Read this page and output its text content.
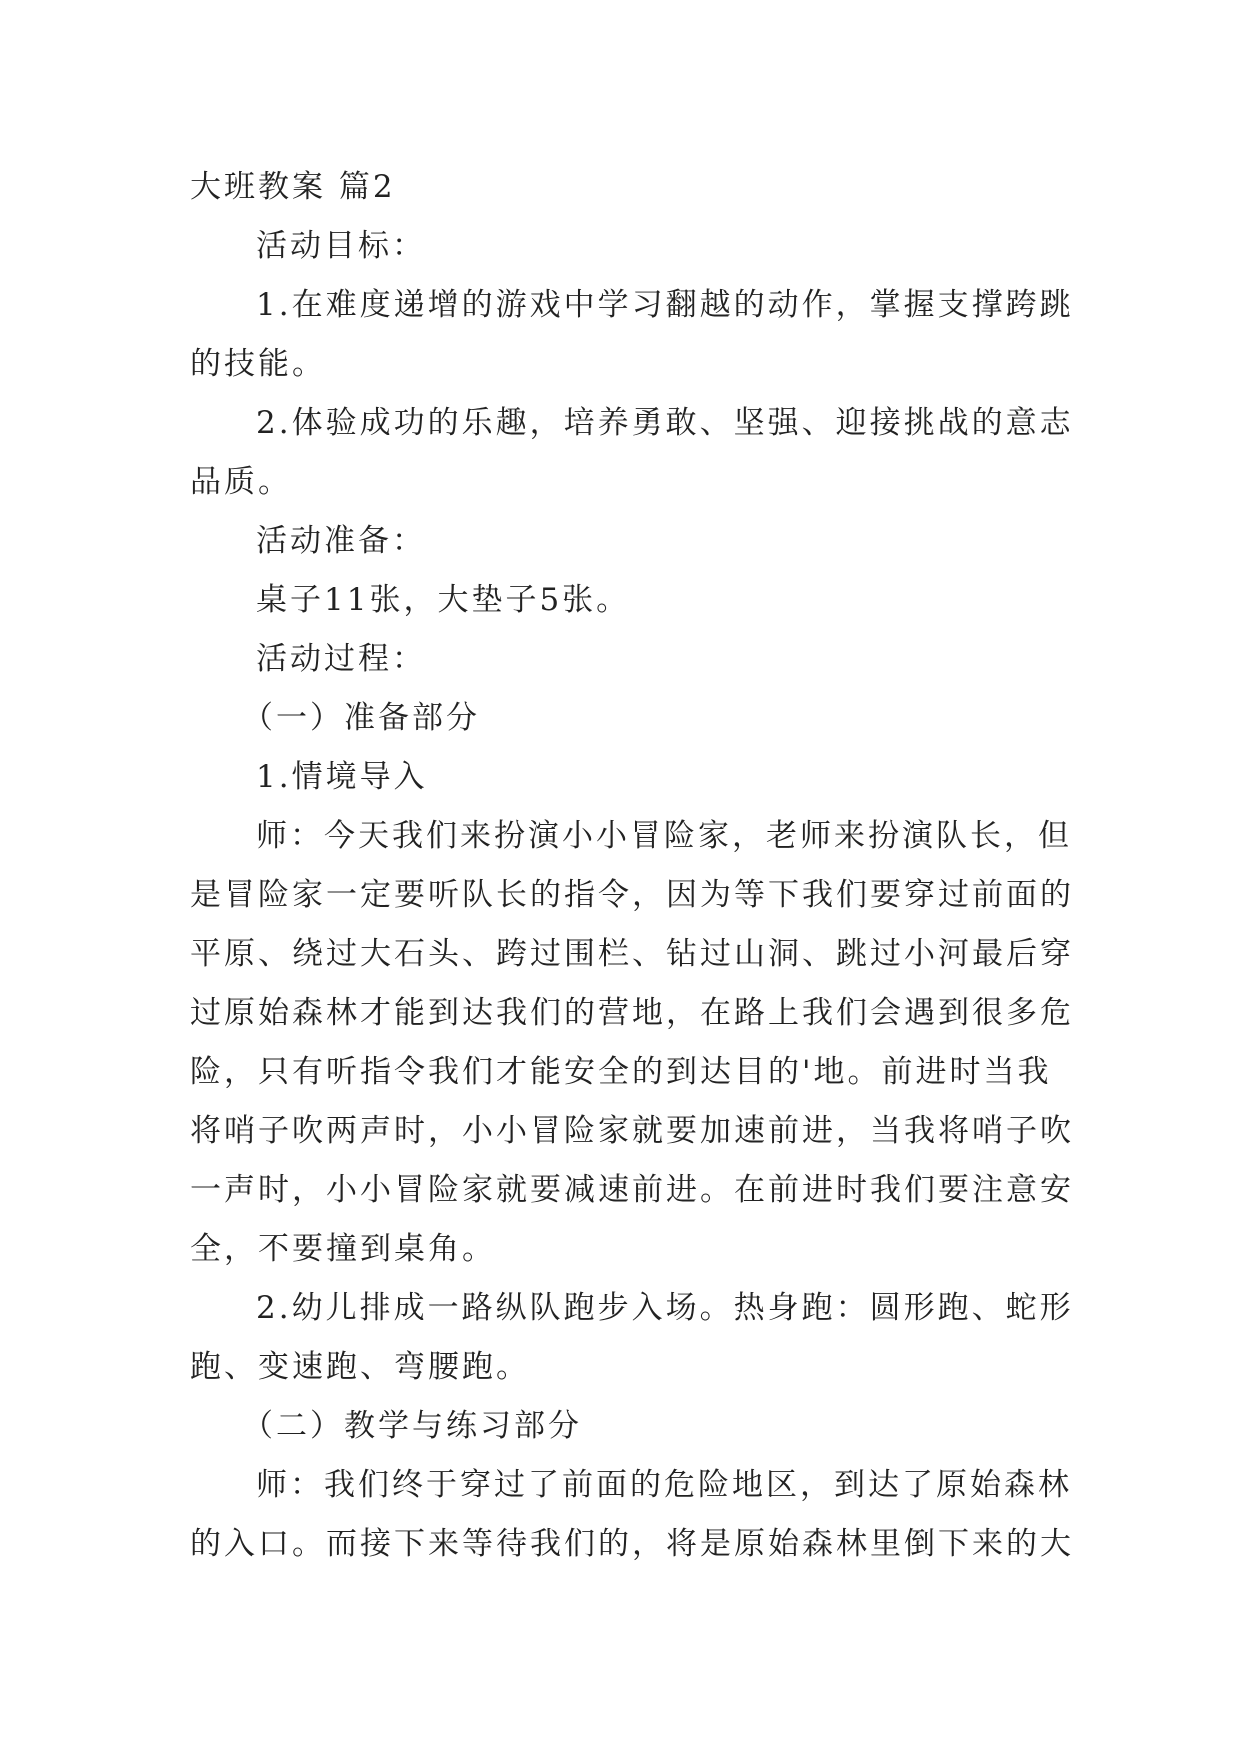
大班教案 篇2

活动目标：

1.在难度递增的游戏中学习翻越的动作，掌握支撑跨跳

的技能。

2.体验成功的乐趣，培养勇敢、坚强、迎接挑战的意志

品质。

活动准备：

桌子11张，大垫子5张。

活动过程：

（一）准备部分

1.情境导入

师：今天我们来扮演小小冒险家，老师来扮演队长，但

是冒险家一定要听队长的指令，因为等下我们要穿过前面的

平原、绕过大石头、跨过围栏、钻过山洞、跳过小河最后穿

过原始森林才能到达我们的营地，在路上我们会遇到很多危

险，只有听指令我们才能安全的到达目的'地。前进时当我

将哨子吹两声时，小小冒险家就要加速前进，当我将哨子吹

一声时，小小冒险家就要减速前进。在前进时我们要注意安

全，不要撞到桌角。

2.幼儿排成一路纵队跑步入场。热身跑：圆形跑、蛇形

跑、变速跑、弯腰跑。

（二）教学与练习部分

师：我们终于穿过了前面的危险地区，到达了原始森林

的入口。而接下来等待我们的，将是原始森林里倒下来的大
